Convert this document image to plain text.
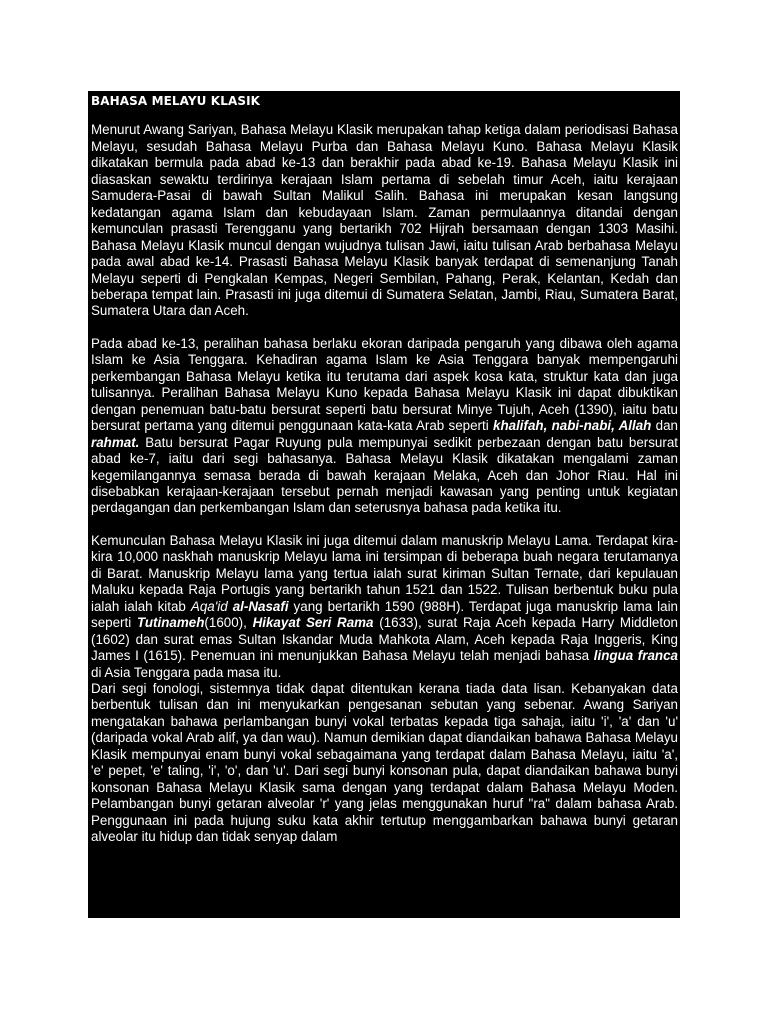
BAHASA MELAYU KLASIK

Menurut Awang Sariyan, Bahasa Melayu Klasik merupakan tahap ketiga dalam periodisasi Bahasa Melayu, sesudah Bahasa Melayu Purba dan Bahasa Melayu Kuno. Bahasa Melayu Klasik dikatakan bermula pada abad ke-13 dan berakhir pada abad ke-19. Bahasa Melayu Klasik ini diasaskan sewaktu terdirinya kerajaan Islam pertama di sebelah timur Aceh, iaitu kerajaan Samudera-Pasai di bawah Sultan Malikul Salih. Bahasa ini merupakan kesan langsung kedatangan agama Islam dan kebudayaan Islam. Zaman permulaannya ditandai dengan kemunculan prasasti Terengganu yang bertarikh 702 Hijrah bersamaan dengan 1303 Masihi. Bahasa Melayu Klasik muncul dengan wujudnya tulisan Jawi, iaitu tulisan Arab berbahasa Melayu pada awal abad ke-14. Prasasti Bahasa Melayu Klasik banyak terdapat di semenanjung Tanah Melayu seperti di Pengkalan Kempas, Negeri Sembilan, Pahang, Perak, Kelantan, Kedah dan beberapa tempat lain. Prasasti ini juga ditemui di Sumatera Selatan, Jambi, Riau, Sumatera Barat, Sumatera Utara dan Aceh.

Pada abad ke-13, peralihan bahasa berlaku ekoran daripada pengaruh yang dibawa oleh agama Islam ke Asia Tenggara. Kehadiran agama Islam ke Asia Tenggara banyak mempengaruhi perkembangan Bahasa Melayu ketika itu terutama dari aspek kosa kata, struktur kata dan juga tulisannya. Peralihan Bahasa Melayu Kuno kepada Bahasa Melayu Klasik ini dapat dibuktikan dengan penemuan batu-batu bersurat seperti batu bersurat Minye Tujuh, Aceh (1390), iaitu batu bersurat pertama yang ditemui penggunaan kata-kata Arab seperti khalifah, nabi-nabi, Allah dan rahmat. Batu bersurat Pagar Ruyung pula mempunyai sedikit perbezaan dengan batu bersurat abad ke-7, iaitu dari segi bahasanya. Bahasa Melayu Klasik dikatakan mengalami zaman kegemilangannya semasa berada di bawah kerajaan Melaka, Aceh dan Johor Riau. Hal ini disebabkan kerajaan-kerajaan tersebut pernah menjadi kawasan yang penting untuk kegiatan perdagangan dan perkembangan Islam dan seterusnya bahasa pada ketika itu.

Kemunculan Bahasa Melayu Klasik ini juga ditemui dalam manuskrip Melayu Lama. Terdapat kira-kira 10,000 naskhah manuskrip Melayu lama ini tersimpan di beberapa buah negara terutamanya di Barat. Manuskrip Melayu lama yang tertua ialah surat kiriman Sultan Ternate, dari kepulauan Maluku kepada Raja Portugis yang bertarikh tahun 1521 dan 1522. Tulisan berbentuk buku pula ialah ialah kitab Aqa'id al-Nasafi yang bertarikh 1590 (988H). Terdapat juga manuskrip lama lain seperti Tutinameh(1600), Hikayat Seri Rama (1633), surat Raja Aceh kepada Harry Middleton (1602) dan surat emas Sultan Iskandar Muda Mahkota Alam, Aceh kepada Raja Inggeris, King James I (1615). Penemuan ini menunjukkan Bahasa Melayu telah menjadi bahasa lingua franca di Asia Tenggara pada masa itu.

Dari segi fonologi, sistemnya tidak dapat ditentukan kerana tiada data lisan. Kebanyakan data berbentuk tulisan dan ini menyukarkan pengesanan sebutan yang sebenar. Awang Sariyan mengatakan bahawa perlambangan bunyi vokal terbatas kepada tiga sahaja, iaitu 'i', 'a' dan 'u' (daripada vokal Arab alif, ya dan wau). Namun demikian dapat diandaikan bahawa Bahasa Melayu Klasik mempunyai enam bunyi vokal sebagaimana yang terdapat dalam Bahasa Melayu, iaitu 'a', 'e' pepet, 'e' taling, 'i', 'o', dan 'u'. Dari segi bunyi konsonan pula, dapat diandaikan bahawa bunyi konsonan Bahasa Melayu Klasik sama dengan yang terdapat dalam Bahasa Melayu Moden. Pelambangan bunyi getaran alveolar 'r' yang jelas menggunakan huruf "ra" dalam bahasa Arab. Penggunaan ini pada hujung suku kata akhir tertutup menggambarkan bahawa bunyi getaran alveolar itu hidup dan tidak senyap dalam
